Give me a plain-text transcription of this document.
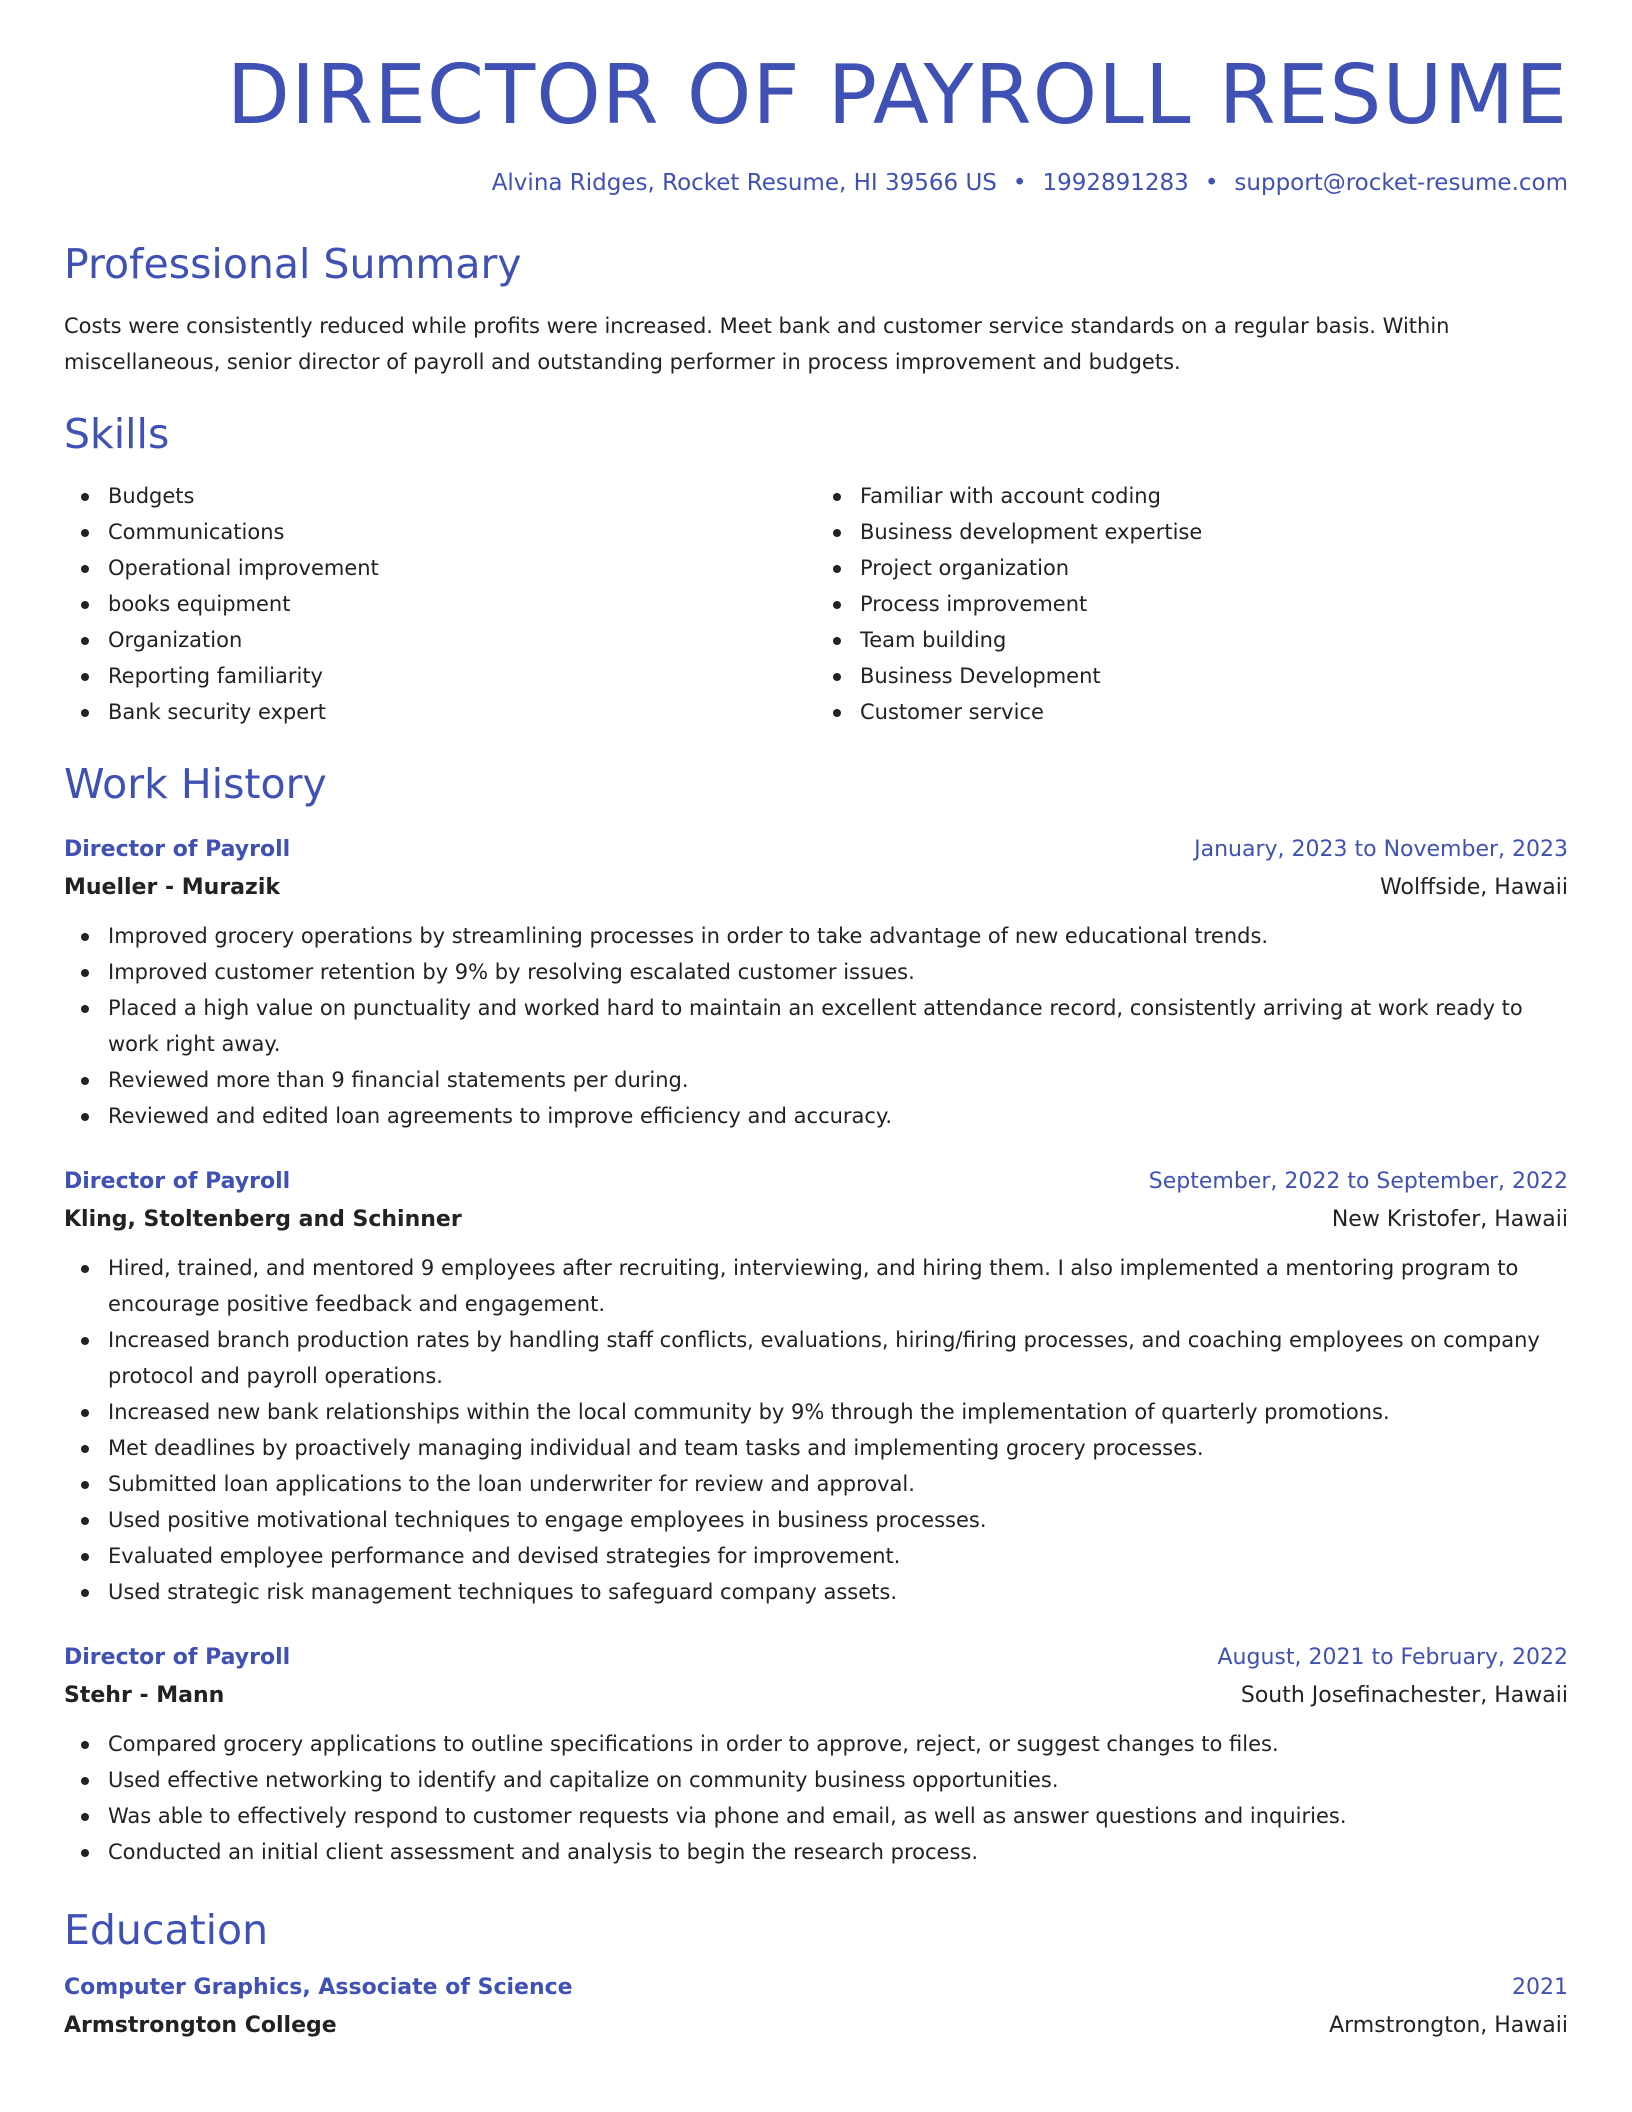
DIRECTOR OF PAYROLL RESUME
Alvina Ridges, Rocket Resume, HI 39566 US • 1992891283 • support@rocket-resume.com
Professional Summary
Costs were consistently reduced while profits were increased. Meet bank and customer service standards on a regular basis. Within miscellaneous, senior director of payroll and outstanding performer in process improvement and budgets.
Skills
Budgets
Communications
Operational improvement
books equipment
Organization
Reporting familiarity
Bank security expert
Familiar with account coding
Business development expertise
Project organization
Process improvement
Team building
Business Development
Customer service
Work History
Director of Payroll	January, 2023 to November, 2023
Mueller - Murazik	Wolffside, Hawaii
Improved grocery operations by streamlining processes in order to take advantage of new educational trends.
Improved customer retention by 9% by resolving escalated customer issues.
Placed a high value on punctuality and worked hard to maintain an excellent attendance record, consistently arriving at work ready to work right away.
Reviewed more than 9 financial statements per during.
Reviewed and edited loan agreements to improve efficiency and accuracy.
Director of Payroll	September, 2022 to September, 2022
Kling, Stoltenberg and Schinner	New Kristofer, Hawaii
Hired, trained, and mentored 9 employees after recruiting, interviewing, and hiring them. I also implemented a mentoring program to encourage positive feedback and engagement.
Increased branch production rates by handling staff conflicts, evaluations, hiring/firing processes, and coaching employees on company protocol and payroll operations.
Increased new bank relationships within the local community by 9% through the implementation of quarterly promotions.
Met deadlines by proactively managing individual and team tasks and implementing grocery processes.
Submitted loan applications to the loan underwriter for review and approval.
Used positive motivational techniques to engage employees in business processes.
Evaluated employee performance and devised strategies for improvement.
Used strategic risk management techniques to safeguard company assets.
Director of Payroll	August, 2021 to February, 2022
Stehr - Mann	South Josefinachester, Hawaii
Compared grocery applications to outline specifications in order to approve, reject, or suggest changes to files.
Used effective networking to identify and capitalize on community business opportunities.
Was able to effectively respond to customer requests via phone and email, as well as answer questions and inquiries.
Conducted an initial client assessment and analysis to begin the research process.
Education
Computer Graphics, Associate of Science	2021
Armstrongton College	Armstrongton, Hawaii
